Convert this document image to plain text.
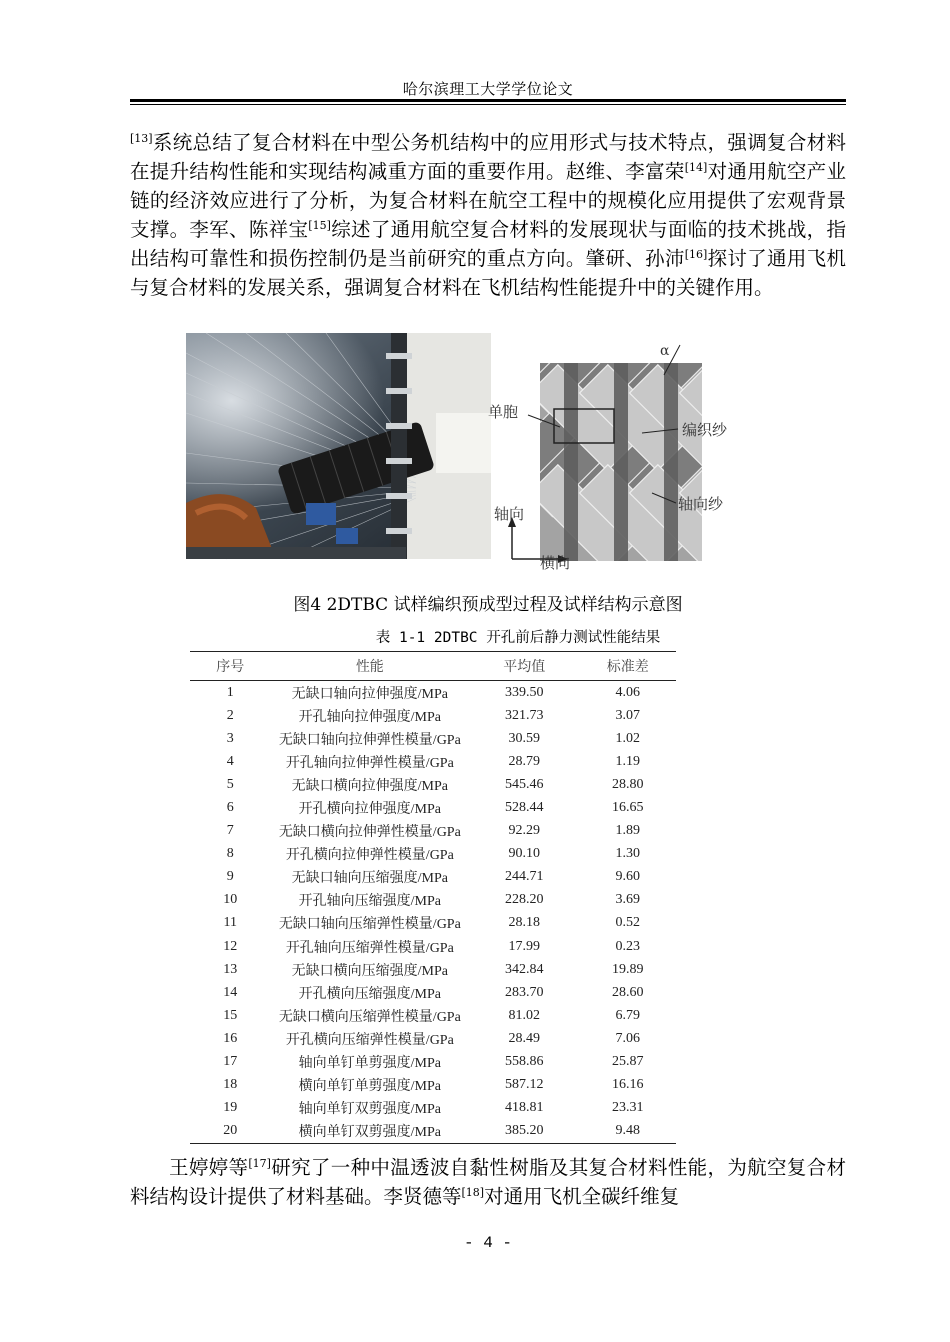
哈尔滨理工大学学位论文
[13]系统总结了复合材料在中型公务机结构中的应用形式与技术特点，强调复合材料在提升结构性能和实现结构减重方面的重要作用。赵维、李富荣[14]对通用航空产业链的经济效应进行了分析，为复合材料在航空工程中的规模化应用提供了宏观背景支撑。李军、陈祥宝[15]综述了通用航空复合材料的发展现状与面临的技术挑战，指出结构可靠性和损伤控制仍是当前研究的重点方向。肇研、孙沛[16]探讨了通用飞机与复合材料的发展关系，强调复合材料在飞机结构性能提升中的关键作用。
α
单胞
编织纱
轴向纱
轴向
横向
图4 2DTBC 试样编织预成型过程及试样结构示意图
表 1-1 2DTBC 开孔前后静力测试性能结果
序号	性能	平均值	标准差
1	无缺口轴向拉伸强度/MPa	339.50	4.06
2	开孔轴向拉伸强度/MPa	321.73	3.07
3	无缺口轴向拉伸弹性模量/GPa	30.59	1.02
4	开孔轴向拉伸弹性模量/GPa	28.79	1.19
5	无缺口横向拉伸强度/MPa	545.46	28.80
6	开孔横向拉伸强度/MPa	528.44	16.65
7	无缺口横向拉伸弹性模量/GPa	92.29	1.89
8	开孔横向拉伸弹性模量/GPa	90.10	1.30
9	无缺口轴向压缩强度/MPa	244.71	9.60
10	开孔轴向压缩强度/MPa	228.20	3.69
11	无缺口轴向压缩弹性模量/GPa	28.18	0.52
12	开孔轴向压缩弹性模量/GPa	17.99	0.23
13	无缺口横向压缩强度/MPa	342.84	19.89
14	开孔横向压缩强度/MPa	283.70	28.60
15	无缺口横向压缩弹性模量/GPa	81.02	6.79
16	开孔横向压缩弹性模量/GPa	28.49	7.06
17	轴向单钉单剪强度/MPa	558.86	25.87
18	横向单钉单剪强度/MPa	587.12	16.16
19	轴向单钉双剪强度/MPa	418.81	23.31
20	横向单钉双剪强度/MPa	385.20	9.48
王婷婷等[17]研究了一种中温透波自黏性树脂及其复合材料性能，为航空复合材料结构设计提供了材料基础。李贤德等[18]对通用飞机全碳纤维复
- 4 -
